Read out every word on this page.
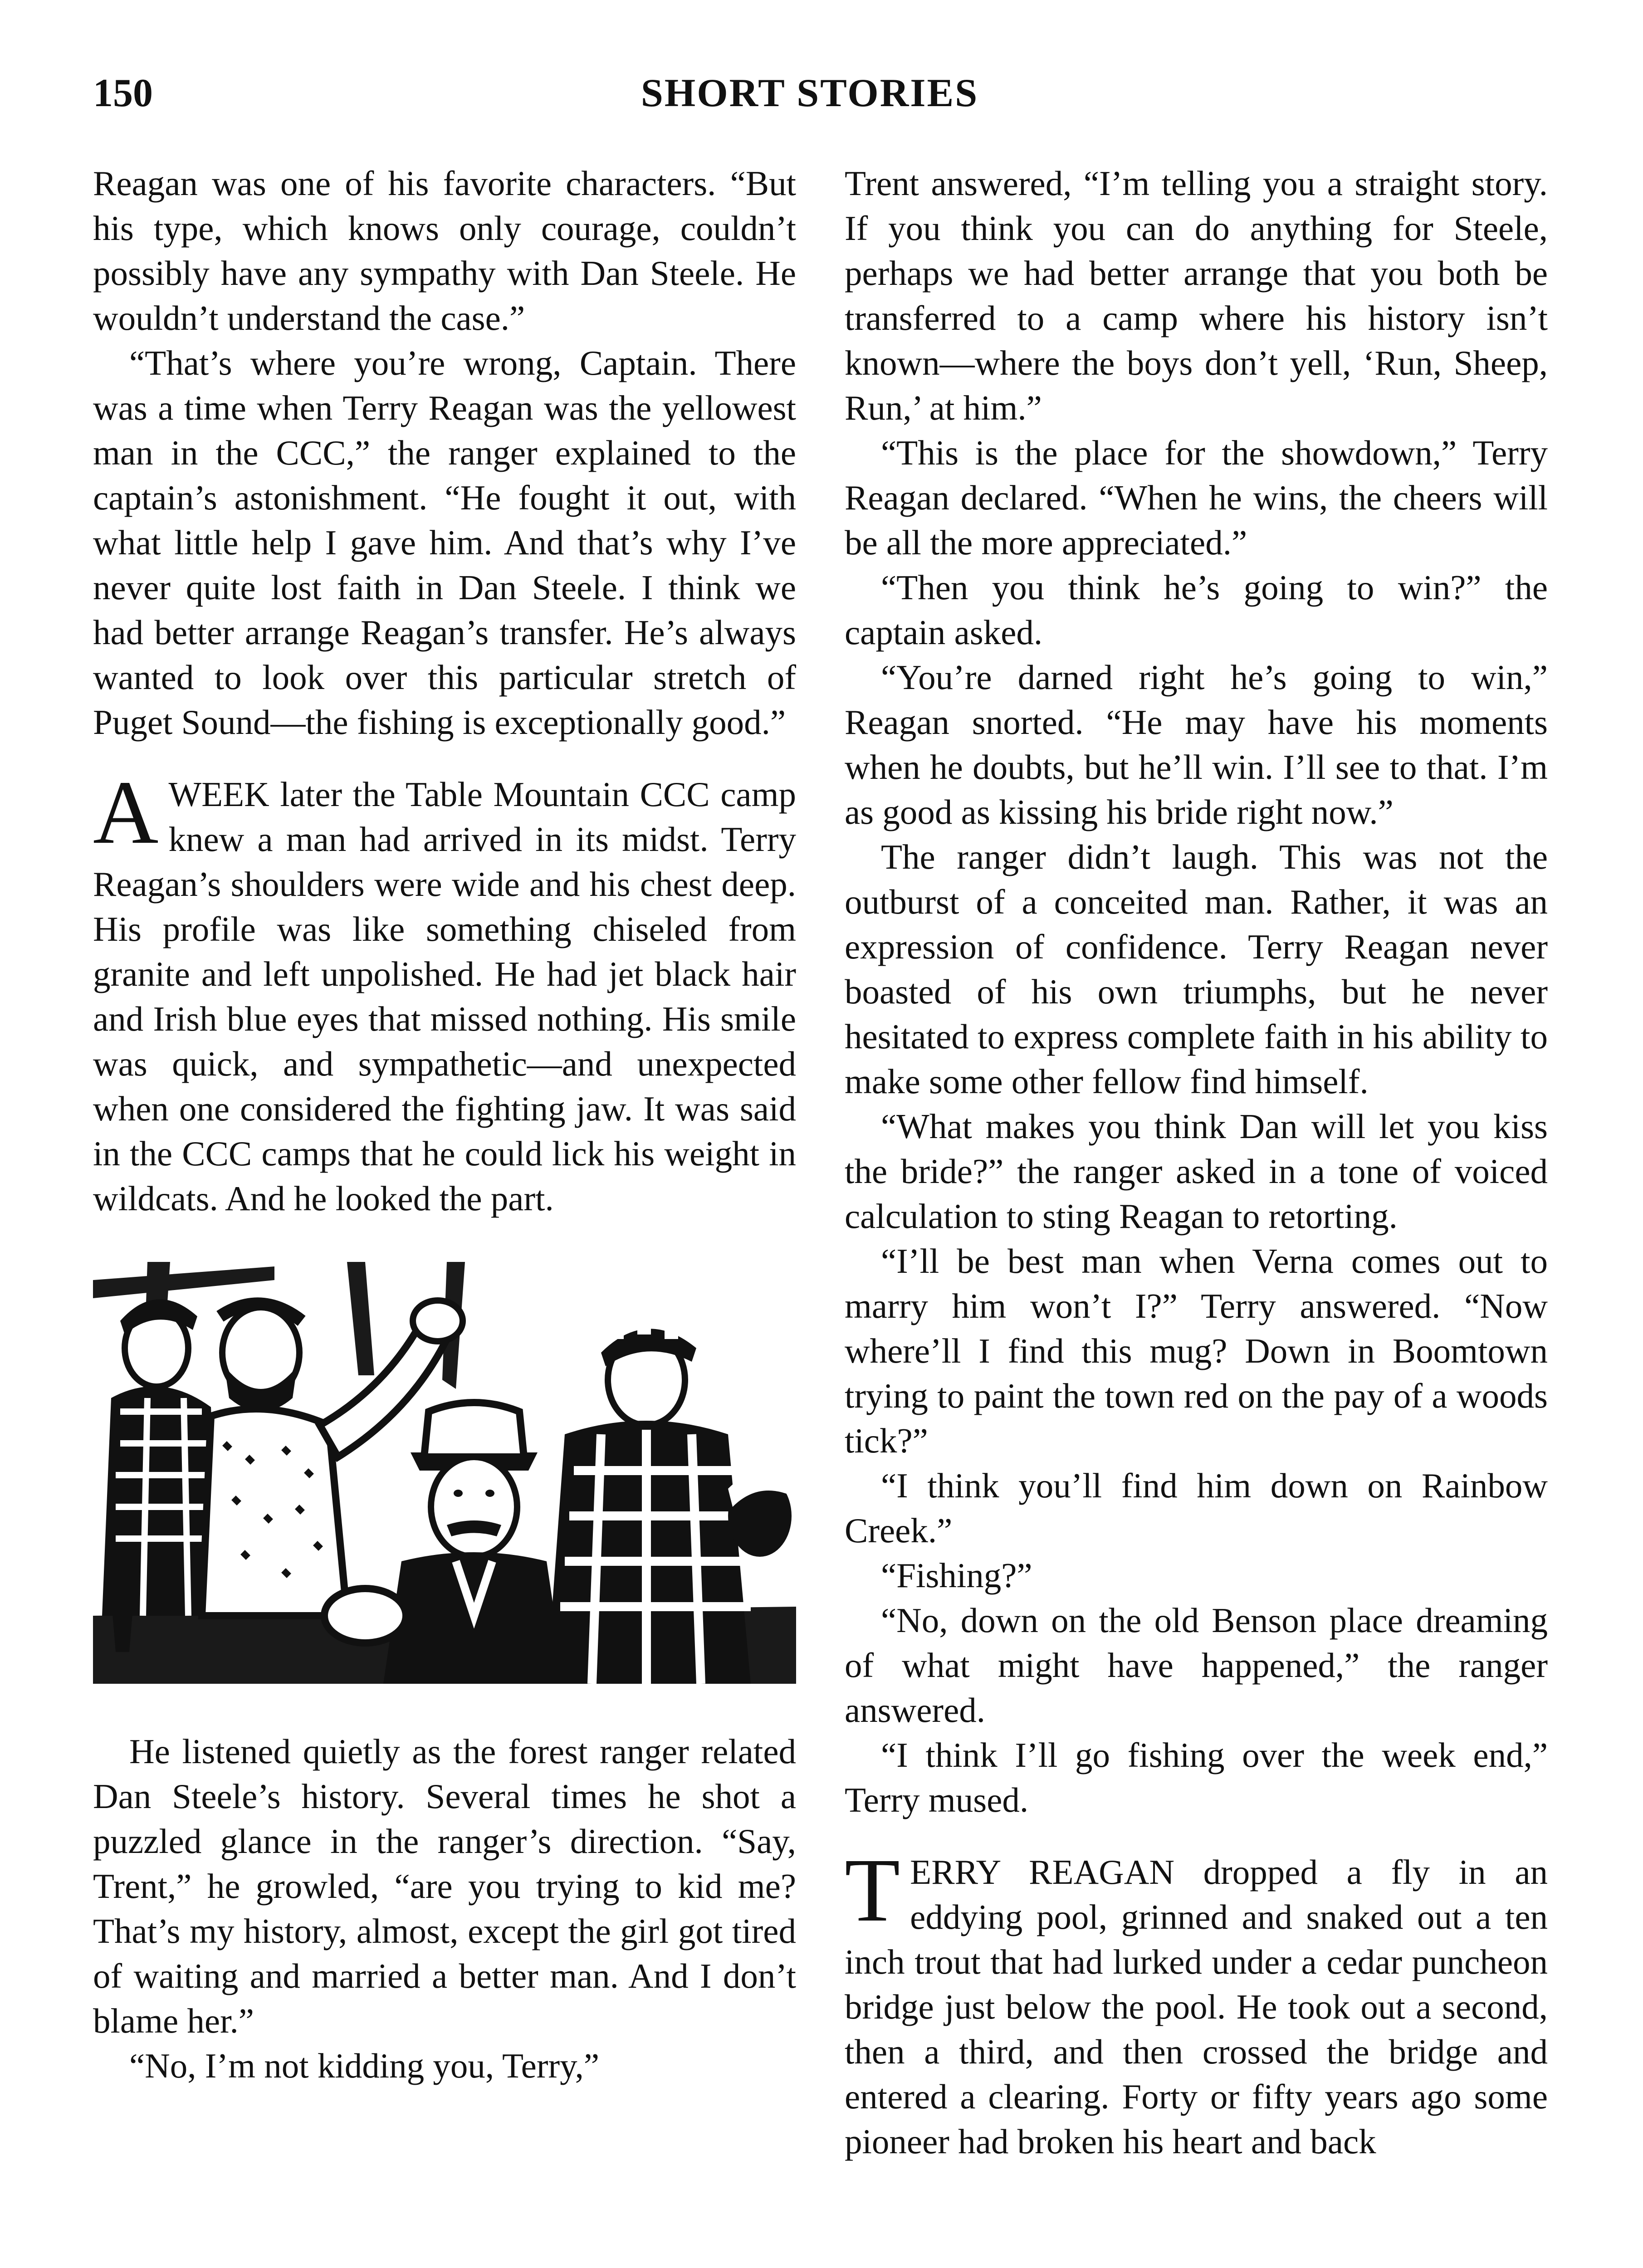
150	SHORT STORIES

Reagan was one of his favorite characters. “But his type, which knows only courage, couldn’t possibly have any sympathy with Dan Steele. He wouldn’t understand the case.”

“That’s where you’re wrong, Captain. There was a time when Terry Reagan was the yellowest man in the CCC,” the ranger explained to the captain’s astonishment. “He fought it out, with what little help I gave him. And that’s why I’ve never quite lost faith in Dan Steele. I think we had better arrange Reagan’s transfer. He’s always wanted to look over this particular stretch of Puget Sound—the fishing is exceptionally good.”

AWEEK later the Table Mountain CCC camp knew a man had arrived in its midst. Terry Reagan’s shoulders were wide and his chest deep. His profile was like something chiseled from granite and left unpolished. He had jet black hair and Irish blue eyes that missed nothing. His smile was quick, and sympathetic—and unexpected when one considered the fighting jaw. It was said in the CCC camps that he could lick his weight in wildcats. And he looked the part.

He listened quietly as the forest ranger related Dan Steele’s history. Several times he shot a puzzled glance in the ranger’s direction. “Say, Trent,” he growled, “are you trying to kid me? That’s my history, almost, except the girl got tired of waiting and married a better man. And I don’t blame her.”

“No, I’m not kidding you, Terry,”

Trent answered, “I’m telling you a straight story. If you think you can do anything for Steele, perhaps we had better arrange that you both be transferred to a camp where his history isn’t known—where the boys don’t yell, ‘Run, Sheep, Run,’ at him.”

“This is the place for the showdown,” Terry Reagan declared. “When he wins, the cheers will be all the more appreciated.”

“Then you think he’s going to win?” the captain asked.

“You’re darned right he’s going to win,” Reagan snorted. “He may have his moments when he doubts, but he’ll win. I’ll see to that. I’m as good as kissing his bride right now.”

The ranger didn’t laugh. This was not the outburst of a conceited man. Rather, it was an expression of confidence. Terry Reagan never boasted of his own triumphs, but he never hesitated to express complete faith in his ability to make some other fellow find himself.

“What makes you think Dan will let you kiss the bride?” the ranger asked in a tone of voiced calculation to sting Reagan to retorting.

“I’ll be best man when Verna comes out to marry him won’t I?” Terry answered. “Now where’ll I find this mug? Down in Boomtown trying to paint the town red on the pay of a woods tick?”

“I think you’ll find him down on Rainbow Creek.”

“Fishing?”

“No, down on the old Benson place dreaming of what might have happened,” the ranger answered.

“I think I’ll go fishing over the week end,” Terry mused.

TERRY REAGAN dropped a fly in an eddying pool, grinned and snaked out a ten inch trout that had lurked under a cedar puncheon bridge just below the pool. He took out a second, then a third, and then crossed the bridge and entered a clearing. Forty or fifty years ago some pioneer had broken his heart and back
